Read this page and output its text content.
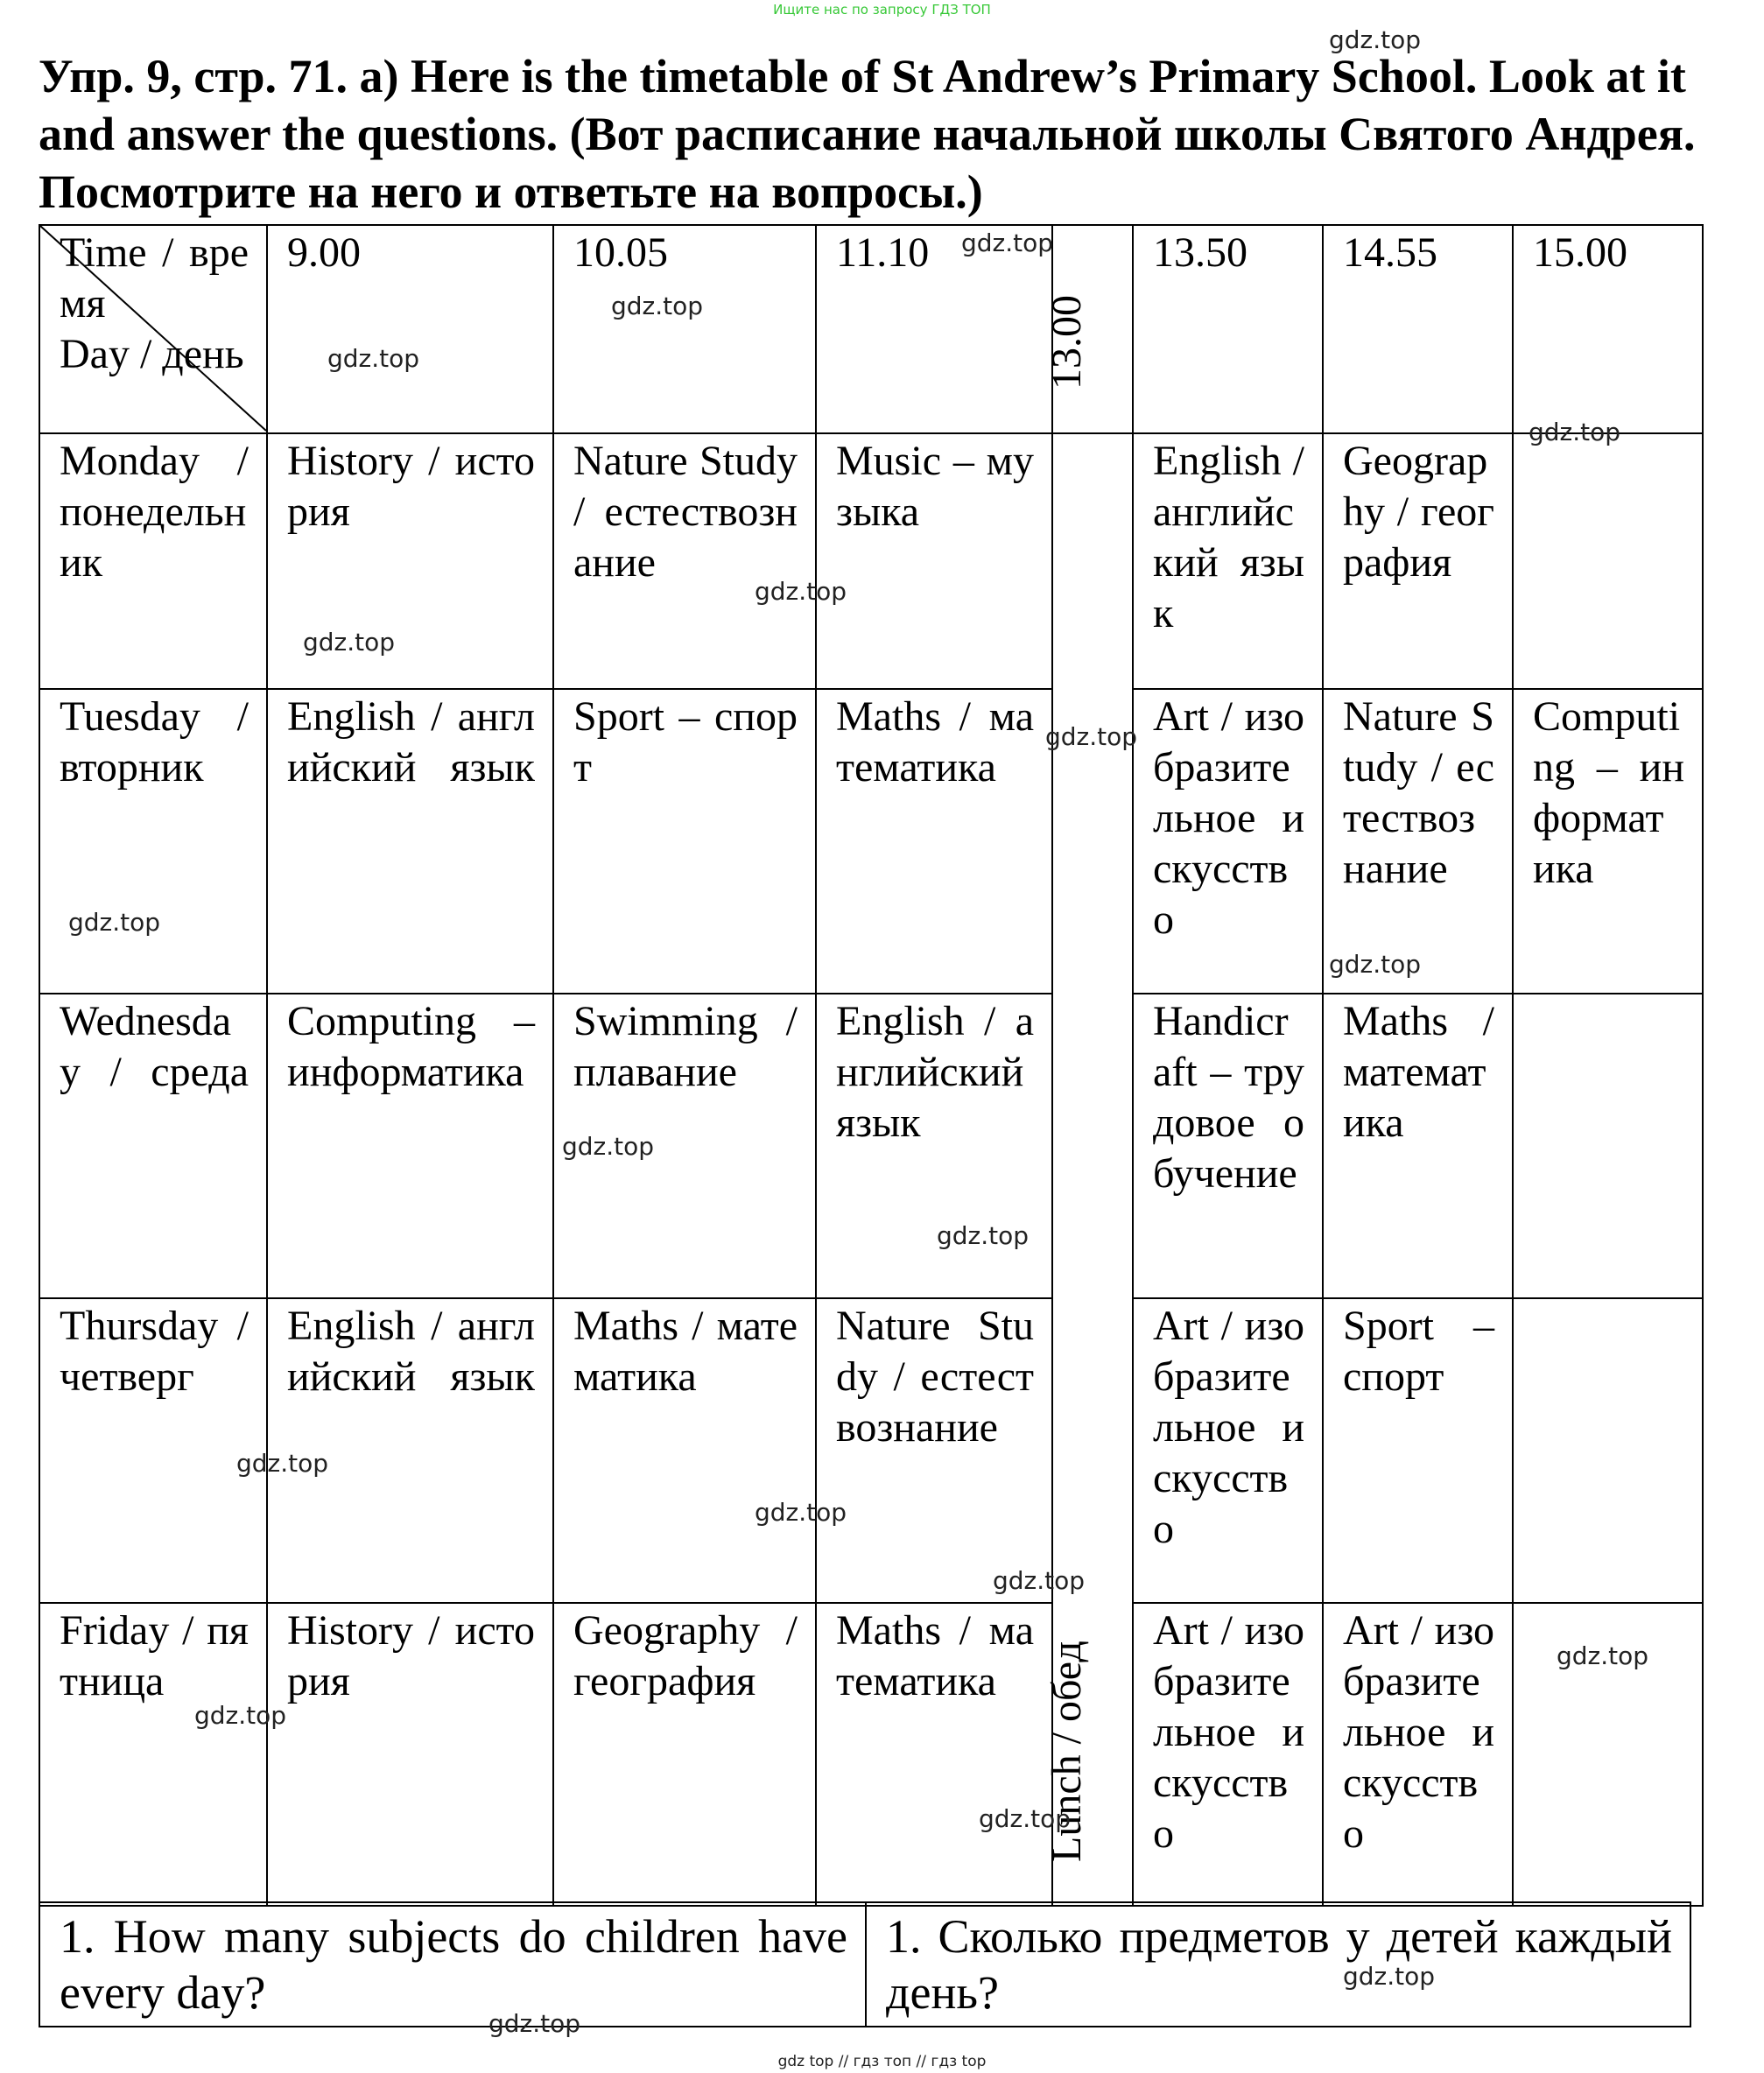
Ищите нас по запросу ГДЗ ТОП
Упр. 9, стр. 71. a) Here is the timetable of St Andrew’s Primary School. Look at it and answer the questions. (Вот расписание начальной школы Святого Андрея. Посмотрите на него и ответьте на вопросы.)
Time / время
Day / день	9.00	10.05	11.10	13.00	13.50	14.55	15.00
Monday / понедельник	History / история	Nature Study / естествознание	Music – музыка	Lunch / обед	English / английский язык	Geography / география	
Tuesday / вторник	English / английский язык	Sport – спорт	Maths / математика		Art / изобразительное искусство	Nature Study / естествознание	Computing – информатика
Wednesday / среда	Computing – информатика	Swimming / плавание	English / английский язык		Handicraft – трудовое обучение	Maths / математика	
Thursday / четверг	English / английский язык	Maths / математика	Nature Study / естествознание		Art / изобразительное искусство	Sport – спорт	
Friday / пятница	History / история	Geography / география	Maths / математика		Art / изобразительное искусство	Art / изобразительное искусство	
1. How many subjects do children have every day?	1. Сколько предметов у детей каждый день?
gdz.top
gdz.top
gdz.top
gdz.top
gdz.top
gdz.top
gdz.top
gdz.top
gdz.top
gdz.top
gdz.top
gdz.top
gdz.top
gdz.top
gdz.top
gdz.top
gdz.top
gdz.top
gdz.top
gdz.top
gdz top // гдз топ // гдз top
